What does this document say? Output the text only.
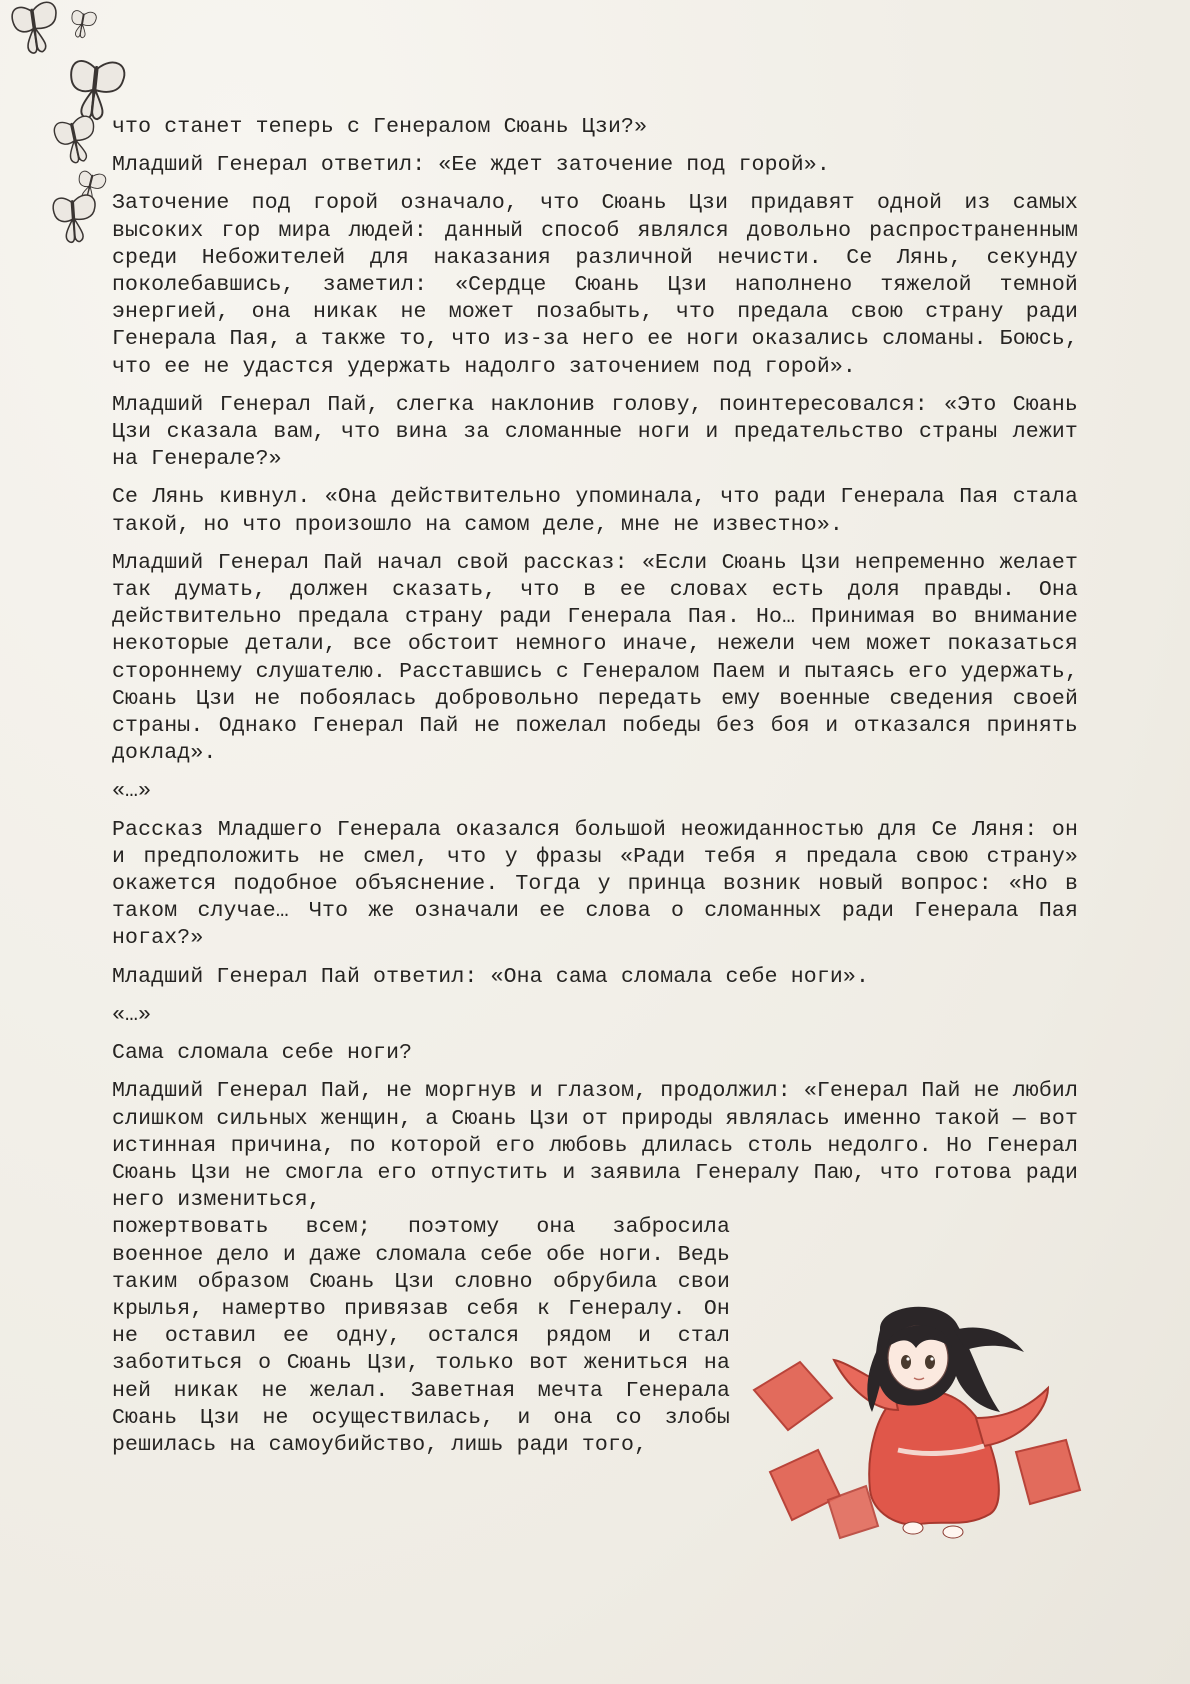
что станет теперь с Генералом Сюань Цзи?»

Младший Генерал ответил: «Ее ждет заточение под горой».

Заточение под горой означало, что Сюань Цзи придавят одной из самых высоких гор мира людей: данный способ являлся довольно распространенным среди Небожителей для наказания различной нечисти. Се Лянь, секунду поколебавшись, заметил: «Сердце Сюань Цзи наполнено тяжелой темной энергией, она никак не может позабыть, что предала свою страну ради Генерала Пая, а также то, что из-за него ее ноги оказались сломаны. Боюсь, что ее не удастся удержать надолго заточением под горой».

Младший Генерал Пай, слегка наклонив голову, поинтересовался: «Это Сюань Цзи сказала вам, что вина за сломанные ноги и предательство страны лежит на Генерале?»

Се Лянь кивнул. «Она действительно упоминала, что ради Генерала Пая стала такой, но что произошло на самом деле, мне не известно».

Младший Генерал Пай начал свой рассказ: «Если Сюань Цзи непременно желает так думать, должен сказать, что в ее словах есть доля правды. Она действительно предала страну ради Генерала Пая. Но… Принимая во внимание некоторые детали, все обстоит немного иначе, нежели чем может показаться стороннему слушателю. Расставшись с Генералом Паем и пытаясь его удержать, Сюань Цзи не побоялась добровольно передать ему военные сведения своей страны. Однако Генерал Пай не пожелал победы без боя и отказался принять доклад».

«…»

Рассказ Младшего Генерала оказался большой неожиданностью для Се Ляня: он и предположить не смел, что у фразы «Ради тебя я предала свою страну» окажется подобное объяснение. Тогда у принца возник новый вопрос: «Но в таком случае… Что же означали ее слова о сломанных ради Генерала Пая ногах?»

Младший Генерал Пай ответил: «Она сама сломала себе ноги».

«…»

Сама сломала себе ноги?

Младший Генерал Пай, не моргнув и глазом, продолжил: «Генерал Пай не любил слишком сильных женщин, а Сюань Цзи от природы являлась именно такой — вот истинная причина, по которой его любовь длилась столь недолго. Но Генерал Сюань Цзи не смогла его отпустить и заявила Генералу Паю, что готова ради него измениться,

пожертвовать всем; поэтому она забросила военное дело и даже сломала себе обе ноги. Ведь таким образом Сюань Цзи словно обрубила свои крылья, намертво привязав себя к Генералу. Он не оставил ее одну, остался рядом и стал заботиться о Сюань Цзи, только вот жениться на ней никак не желал. Заветная мечта Генерала Сюань Цзи не осуществилась, и она со злобы решилась на самоубийство, лишь ради того,
